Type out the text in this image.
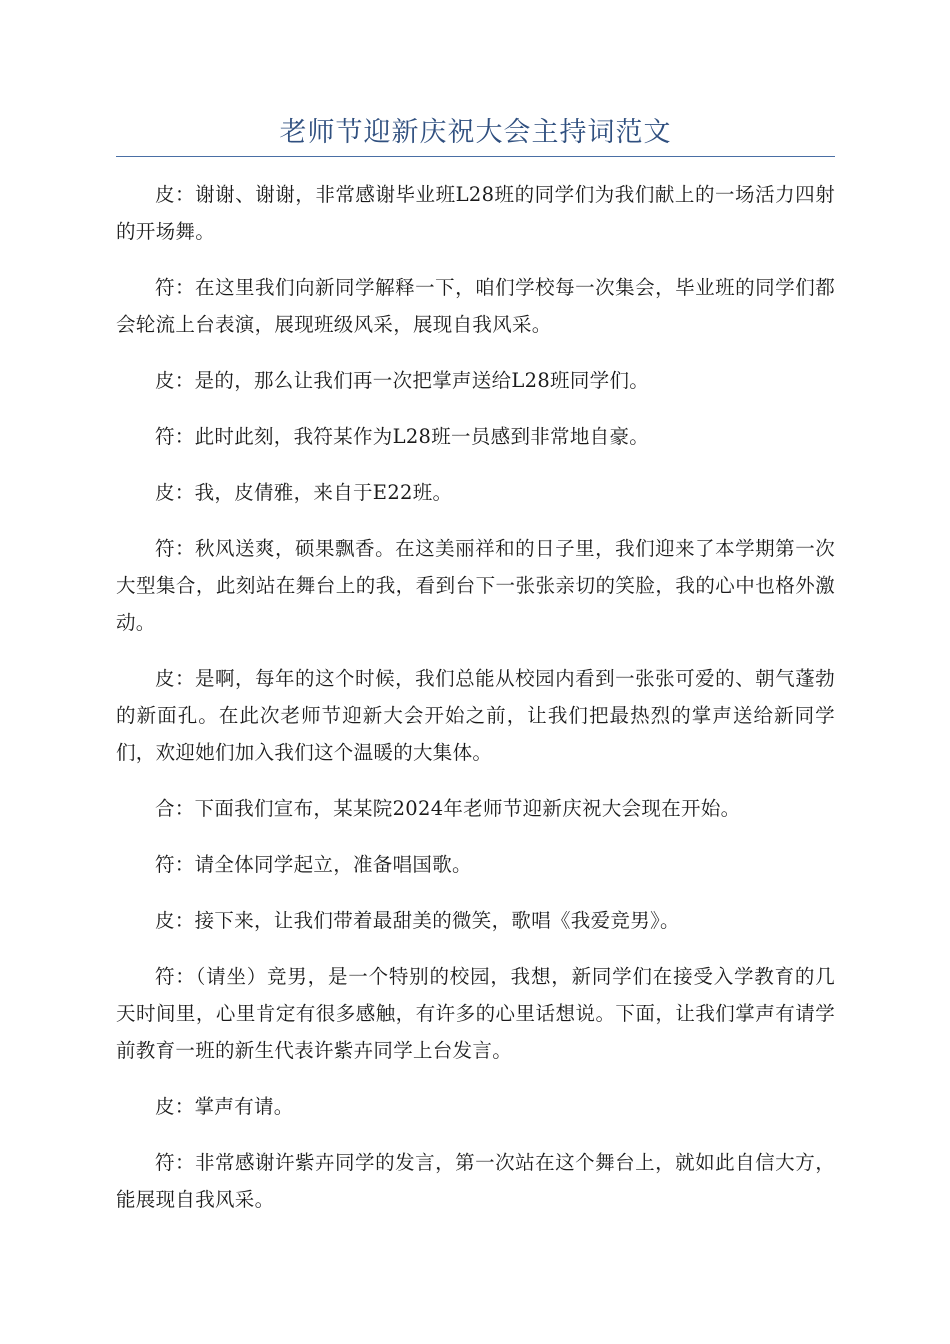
老师节迎新庆祝大会主持词范文

皮：谢谢、谢谢，非常感谢毕业班L28班的同学们为我们献上的一场活力四射的开场舞。

符：在这里我们向新同学解释一下，咱们学校每一次集会，毕业班的同学们都会轮流上台表演，展现班级风采，展现自我风采。

皮：是的，那么让我们再一次把掌声送给L28班同学们。

符：此时此刻，我符某作为L28班一员感到非常地自豪。

皮：我，皮倩雅，来自于E22班。

符：秋风送爽，硕果飘香。在这美丽祥和的日子里，我们迎来了本学期第一次大型集合，此刻站在舞台上的我，看到台下一张张亲切的笑脸，我的心中也格外激动。

皮：是啊，每年的这个时候，我们总能从校园内看到一张张可爱的、朝气蓬勃的新面孔。在此次老师节迎新大会开始之前，让我们把最热烈的掌声送给新同学们，欢迎她们加入我们这个温暖的大集体。

合：下面我们宣布，某某院2024年老师节迎新庆祝大会现在开始。

符：请全体同学起立，准备唱国歌。

皮：接下来，让我们带着最甜美的微笑，歌唱《我爱竞男》。

符：（请坐）竞男，是一个特别的校园，我想，新同学们在接受入学教育的几天时间里，心里肯定有很多感触，有许多的心里话想说。下面，让我们掌声有请学前教育一班的新生代表许紫卉同学上台发言。

皮：掌声有请。

符：非常感谢许紫卉同学的发言，第一次站在这个舞台上，就如此自信大方，能展现自我风采。
